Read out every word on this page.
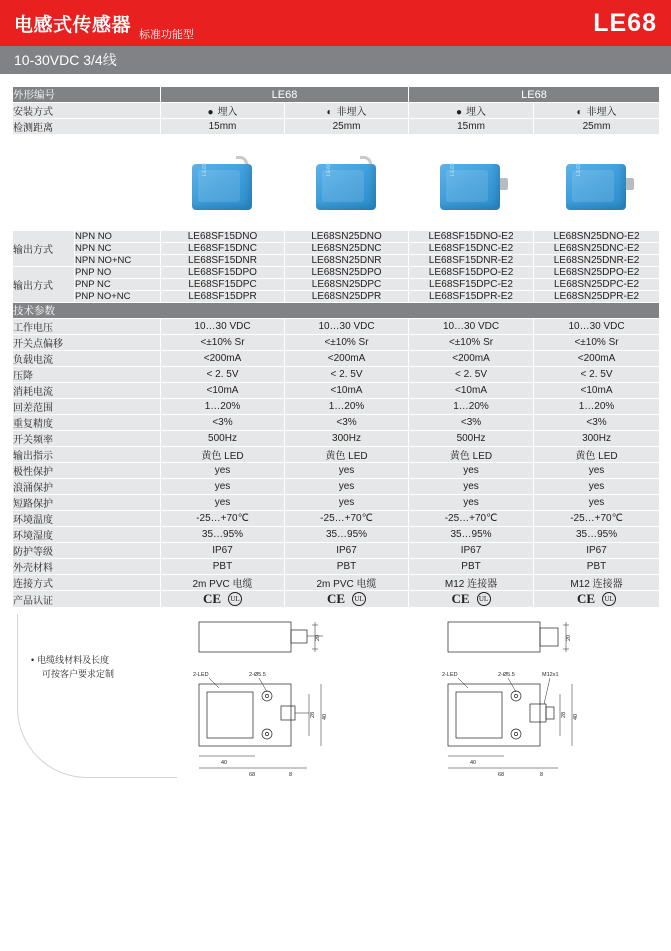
电感式传感器 标准功能型	LE68
10-30VDC 3/4线
外形编号		LE68		LE68	
安装方式		● 埋入	◐ 非埋入	● 埋入	◐ 非埋入
检测距离		15mm	25mm	15mm	25mm

		LE68	LE68	LE68	LE68

输出方式	NPN NO	LE68SF15DNO	LE68SN25DNO	LE68SF15DNO-E2	LE68SN25DNO-E2
	NPN NC	LE68SF15DNC	LE68SN25DNC	LE68SF15DNC-E2	LE68SN25DNC-E2
	NPN NO+NC	LE68SF15DNR	LE68SN25DNR	LE68SF15DNR-E2	LE68SN25DNR-E2
输出方式	PNP NO	LE68SF15DPO	LE68SN25DPO	LE68SF15DPO-E2	LE68SN25DPO-E2
	PNP NC	LE68SF15DPC	LE68SN25DPC	LE68SF15DPC-E2	LE68SN25DPC-E2
	PNP NO+NC	LE68SF15DPR	LE68SN25DPR	LE68SF15DPR-E2	LE68SN25DPR-E2
技术参数					
工作电压		10…30 VDC	10…30 VDC	10…30 VDC	10…30 VDC
开关点偏移		<±10% Sr	<±10% Sr	<±10% Sr	<±10% Sr
负载电流		<200mA	<200mA	<200mA	<200mA
压降		< 2. 5V	< 2. 5V	< 2. 5V	< 2. 5V
消耗电流		<10mA	<10mA	<10mA	<10mA
回差范围		1…20%	1…20%	1…20%	1…20%
重复精度		<3%	<3%	<3%	<3%
开关频率		500Hz	300Hz	500Hz	300Hz
输出指示		黄色 LED	黄色 LED	黄色 LED	黄色 LED
极性保护		yes	yes	yes	yes
浪涌保护		yes	yes	yes	yes
短路保护		yes	yes	yes	yes
环境温度		-25…+70℃	-25…+70℃	-25…+70℃	-25…+70℃
环境湿度		35…95%	35…95%	35…95%	35…95%
防护等级		IP67	IP67	IP67	IP67
外壳材料		PBT	PBT	PBT	PBT
连接方式		2m PVC 电缆	2m PVC 电缆	M12 连接器	M12 连接器
产品认证		CE UL	CE UL	CE UL	CE UL

• 电缆线材料及长度
可按客户要求定制

20
2-LED	2-Ø5.5
40
68
40
28
8

20
2-LED	2-Ø5.5	M12x1
40
68
40
28
8
